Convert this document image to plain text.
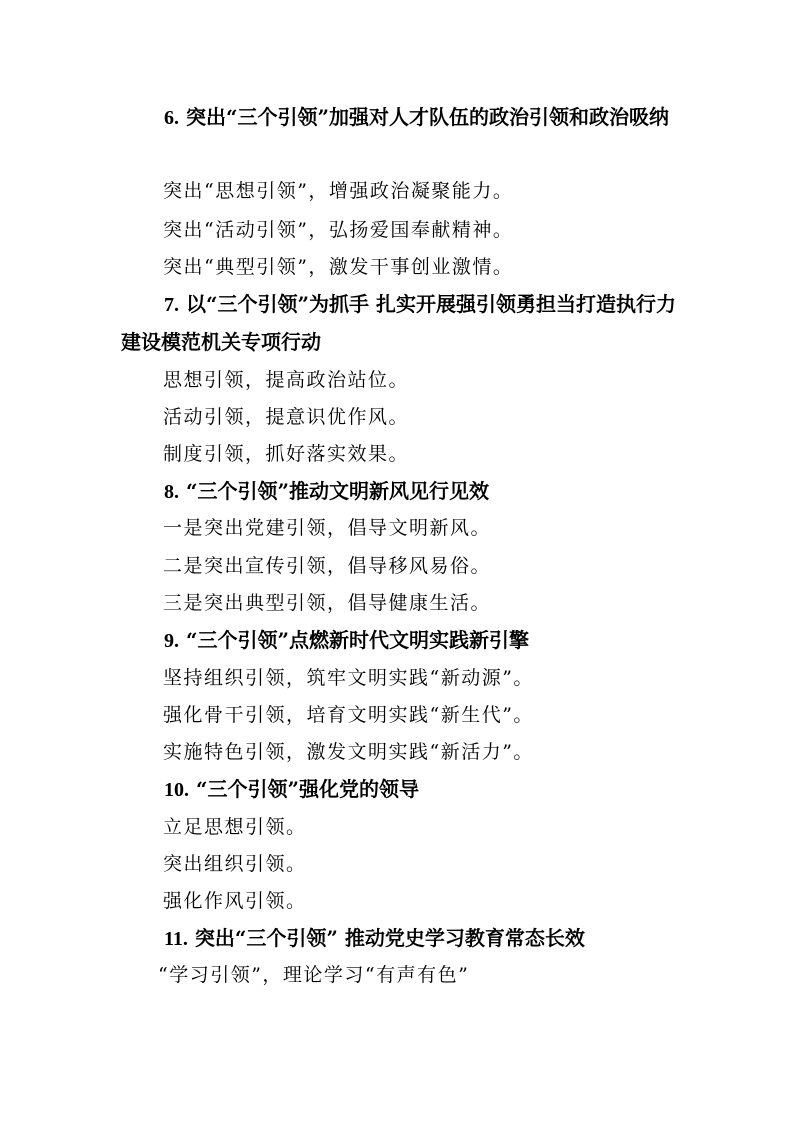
6. 突出“三个引领”加强对人才队伍的政治引领和政治吸纳
突出“思想引领”，增强政治凝聚能力。
突出“活动引领”，弘扬爱国奉献精神。
突出“典型引领”，激发干事创业激情。
7. 以“三个引领”为抓手 扎实开展强引领勇担当打造执行力建设模范机关专项行动
思想引领，提高政治站位。
活动引领，提意识优作风。
制度引领，抓好落实效果。
8. “三个引领”推动文明新风见行见效
一是突出党建引领，倡导文明新风。
二是突出宣传引领，倡导移风易俗。
三是突出典型引领，倡导健康生活。
9. “三个引领”点燃新时代文明实践新引擎
坚持组织引领，筑牢文明实践“新动源”。
强化骨干引领，培育文明实践“新生代”。
实施特色引领，激发文明实践“新活力”。
10. “三个引领”强化党的领导
立足思想引领。
突出组织引领。
强化作风引领。
11. 突出“三个引领” 推动党史学习教育常态长效
“学习引领”，理论学习“有声有色”
